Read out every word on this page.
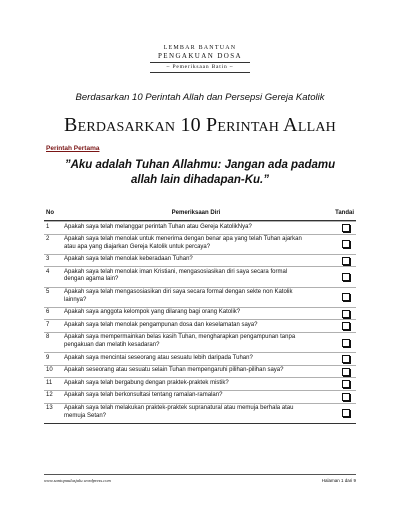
LEMBAR BANTUAN
PENGAKUAN DOSA
~ Pemeriksaan Batin ~
Berdasarkan 10 Perintah Allah dan Persepsi Gereja Katolik
Berdasarkan 10 Perintah Allah
Perintah Pertama
”Aku adalah Tuhan Allahmu: Jangan ada padamu allah lain dihadapan-Ku.”
No	Pemeriksaan Diri	Tandai
1	Apakah saya telah melanggar perintah Tuhan atau Gereja KatolikNya?
2	Apakah saya telah menolak untuk menerima dengan benar apa yang telah Tuhan ajarkan atau apa yang diajarkan Gereja Katolik untuk percaya?
3	Apakah saya telah menolak keberadaan Tuhan?
4	Apakah saya telah menolak iman Kristiani, mengasosiasikan diri saya secara formal dengan agama lain?
5	Apakah saya telah mengasosiasikan diri saya secara formal dengan sekte non Katolik lainnya?
6	Apakah saya anggota kelompok yang dilarang bagi orang Katolik?
7	Apakah saya telah menolak pengampunan dosa dan keselamatan saya?
8	Apakah saya mempermainkan belas kasih Tuhan, mengharapkan pengampunan tanpa pengakuan dan melatih kesadaran?
9	Apakah saya mencintai seseorang atau sesuatu lebih daripada Tuhan?
10	Apakah seseorang atau sesuatu selain Tuhan mempengaruhi pilihan-pilihan saya?
11	Apakah saya telah bergabung dengan praktek-praktek mistik?
12	Apakah saya telah berkonsultasi tentang ramalan-ramalan?
13	Apakah saya telah melakukan praktek-praktek supranatural atau memuja berhala atau memuja Setan?
www.santopaulusjalu.wordpress.com	Halaman 1 dari 9
